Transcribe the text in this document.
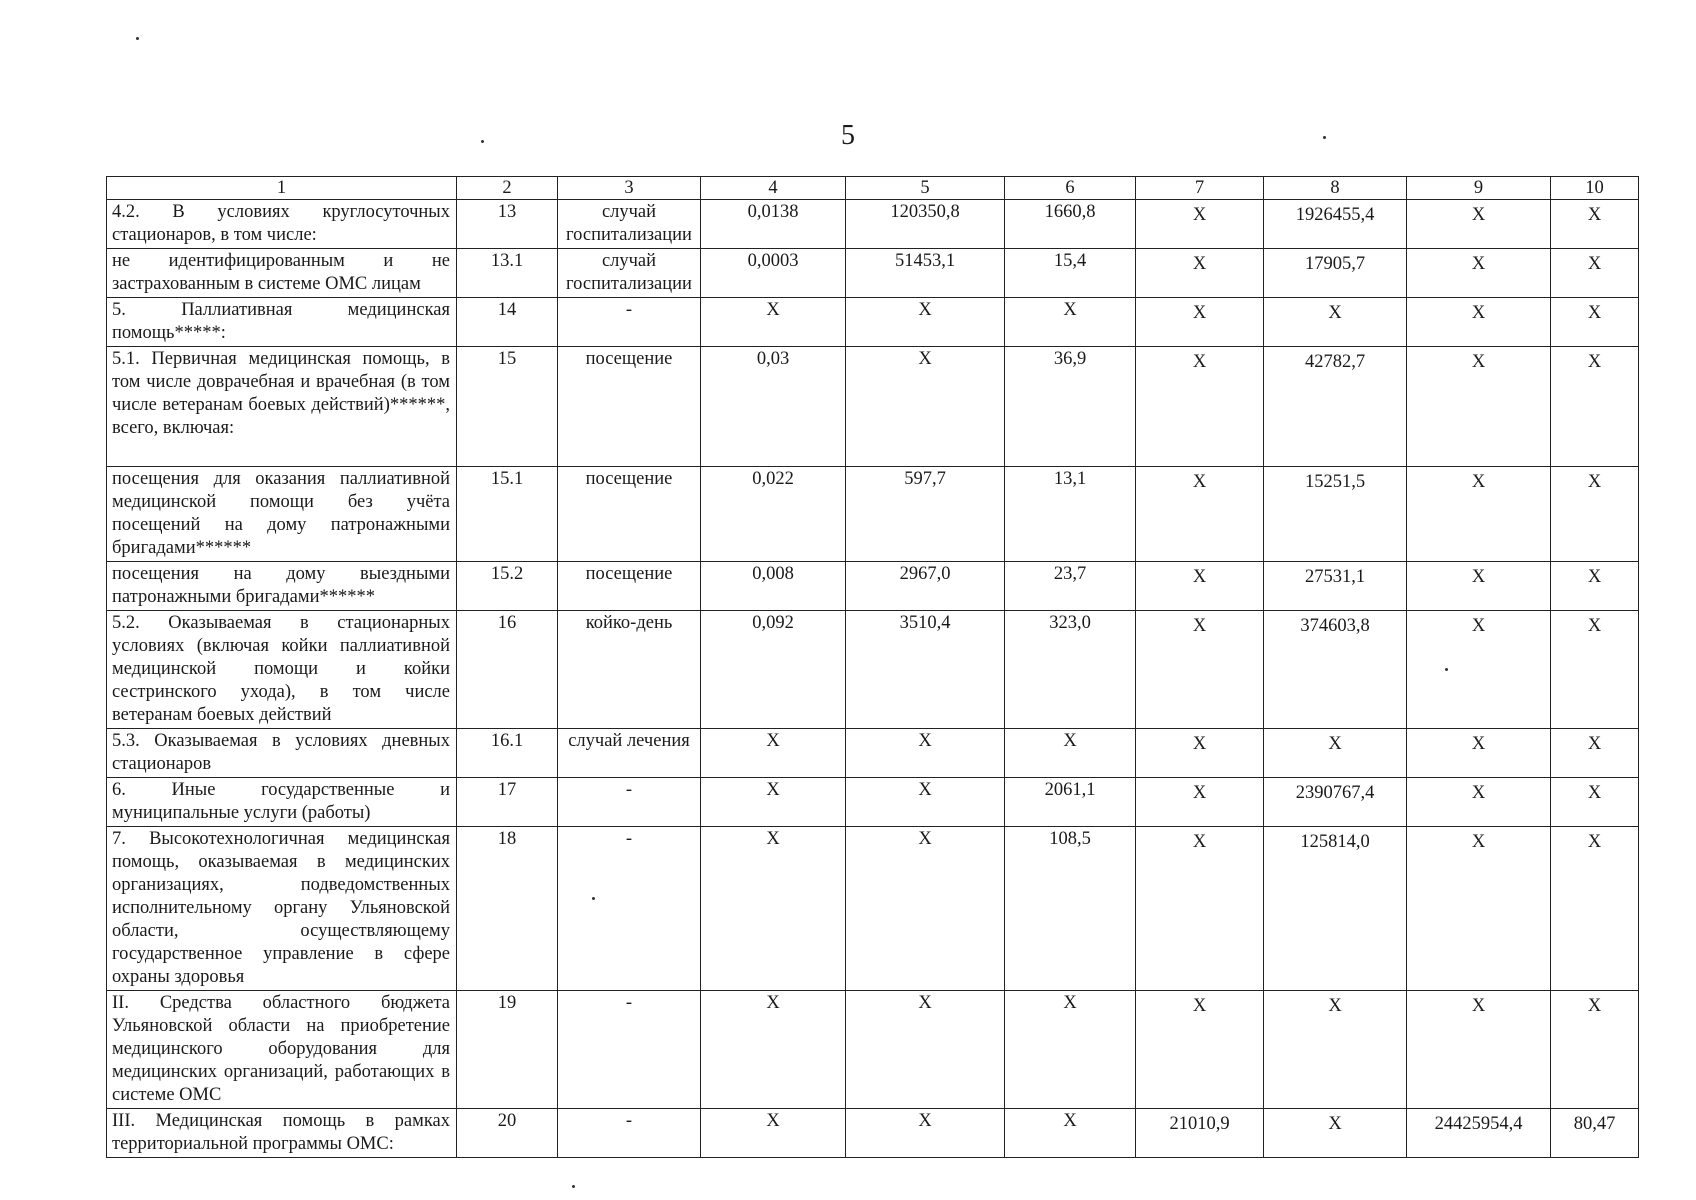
5
1	2	3	4	5	6	7	8	9	10
4.2. В условиях круглосуточных стационаров, в том числе:	13	случай госпитализации	0,0138	120350,8	1660,8	Х	1926455,4	Х	Х
не идентифицированным и не застрахованным в системе ОМС лицам	13.1	случай госпитализации	0,0003	51453,1	15,4	Х	17905,7	Х	Х
5. Паллиативная медицинская помощь*****:	14	-	Х	Х	Х	Х	Х	Х	Х
5.1. Первичная медицинская помощь, в том числе доврачебная и врачебная (в том числе ветеранам боевых действий)******, всего, включая:	15	посещение	0,03	Х	36,9	Х	42782,7	Х	Х
посещения для оказания паллиативной медицинской помощи без учёта посещений на дому патронажными бригадами******	15.1	посещение	0,022	597,7	13,1	Х	15251,5	Х	Х
посещения на дому выездными патронажными бригадами******	15.2	посещение	0,008	2967,0	23,7	Х	27531,1	Х	Х
5.2. Оказываемая в стационарных условиях (включая койки паллиативной медицинской помощи и койки сестринского ухода), в том числе ветеранам боевых действий	16	койко-день	0,092	3510,4	323,0	Х	374603,8	Х	Х
5.3. Оказываемая в условиях дневных стационаров	16.1	случай лечения	Х	Х	Х	Х	Х	Х	Х
6. Иные государственные и муниципальные услуги (работы)	17	-	Х	Х	2061,1	Х	2390767,4	Х	Х
7. Высокотехнологичная медицинская помощь, оказываемая в медицинских организациях, подведомственных исполнительному органу Ульяновской области, осуществляющему государственное управление в сфере охраны здоровья	18	-	Х	Х	108,5	Х	125814,0	Х	Х
II. Средства областного бюджета Ульяновской области на приобретение медицинского оборудования для медицинских организаций, работающих в системе ОМС	19	-	Х	Х	Х	Х	Х	Х	Х
III. Медицинская помощь в рамках территориальной программы ОМС:	20	-	Х	Х	Х	21010,9	Х	24425954,4	80,47
